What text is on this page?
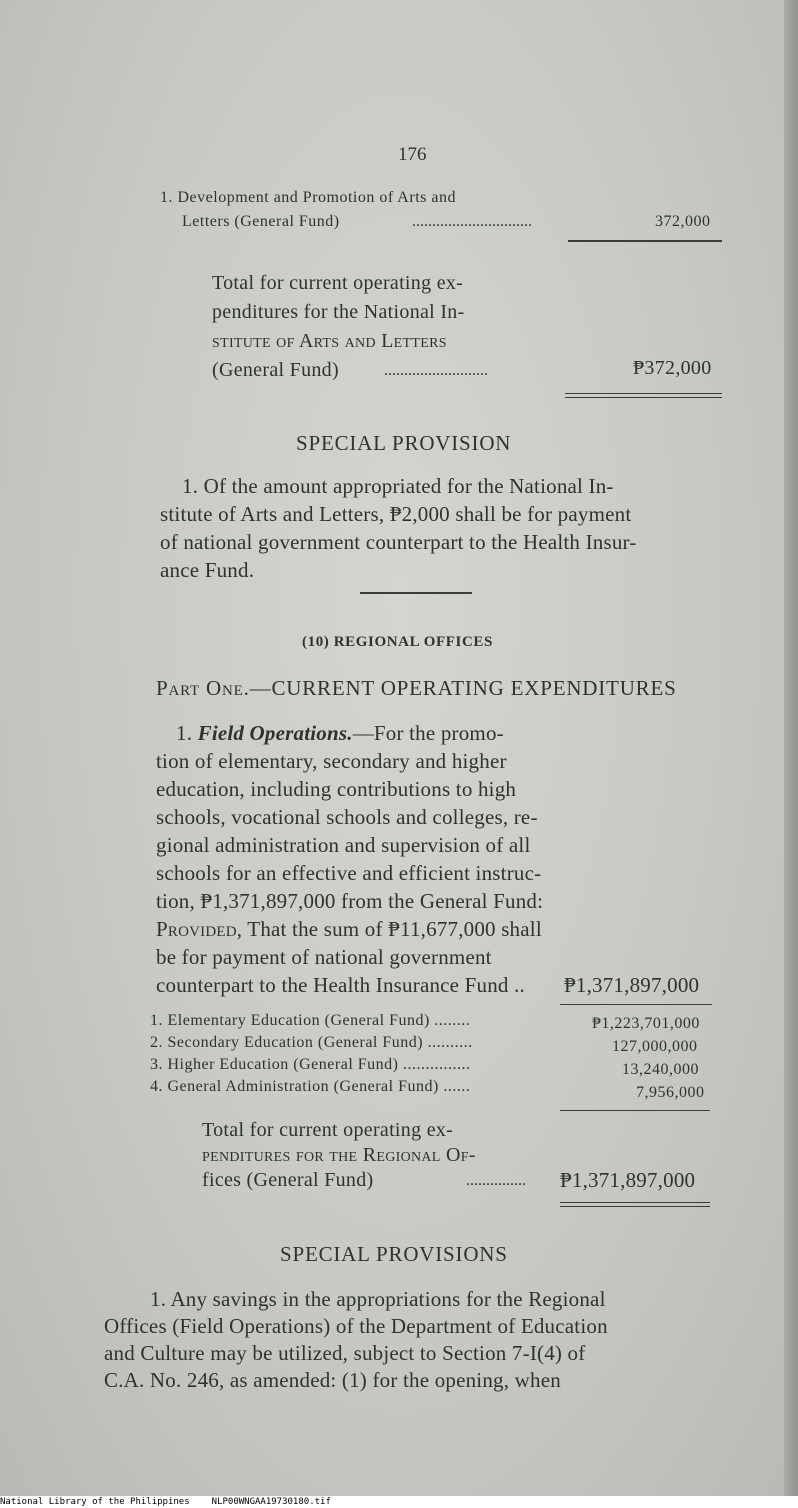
176
1. Development and Promotion of Arts and
Letters (General Fund)	..............................	372,000
Total for current operating ex-
penditures for the National In-
stitute of Arts and Letters
(General Fund)	..........................	₱372,000
SPECIAL PROVISION
1. Of the amount appropriated for the National In-
stitute of Arts and Letters, ₱2,000 shall be for payment
of national government counterpart to the Health Insur-
ance Fund.
(10) REGIONAL OFFICES
Part One.—CURRENT OPERATING EXPENDITURES
1. Field Operations.—For the promo-
tion of elementary, secondary and higher
education, including contributions to high
schools, vocational schools and colleges, re-
gional administration and supervision of all
schools for an effective and efficient instruc-
tion, ₱1,371,897,000 from the General Fund:
Provided, That the sum of ₱11,677,000 shall
be for payment of national government
counterpart to the Health Insurance Fund .. ₱1,371,897,000
1. Elementary Education (General Fund) ........	₱1,223,701,000
2. Secondary Education (General Fund) ..........	127,000,000
3. Higher Education (General Fund) ...............	13,240,000
4. General Administration (General Fund) ......	7,956,000
Total for current operating ex-
penditures for the Regional Of-
fices (General Fund)	............... ₱1,371,897,000
SPECIAL PROVISIONS
1. Any savings in the appropriations for the Regional
Offices (Field Operations) of the Department of Education
and Culture may be utilized, subject to Section 7-I(4) of
C.A. No. 246, as amended: (1) for the opening, when
National Library of the Philippines NLP00WNGAA19730180.tif
